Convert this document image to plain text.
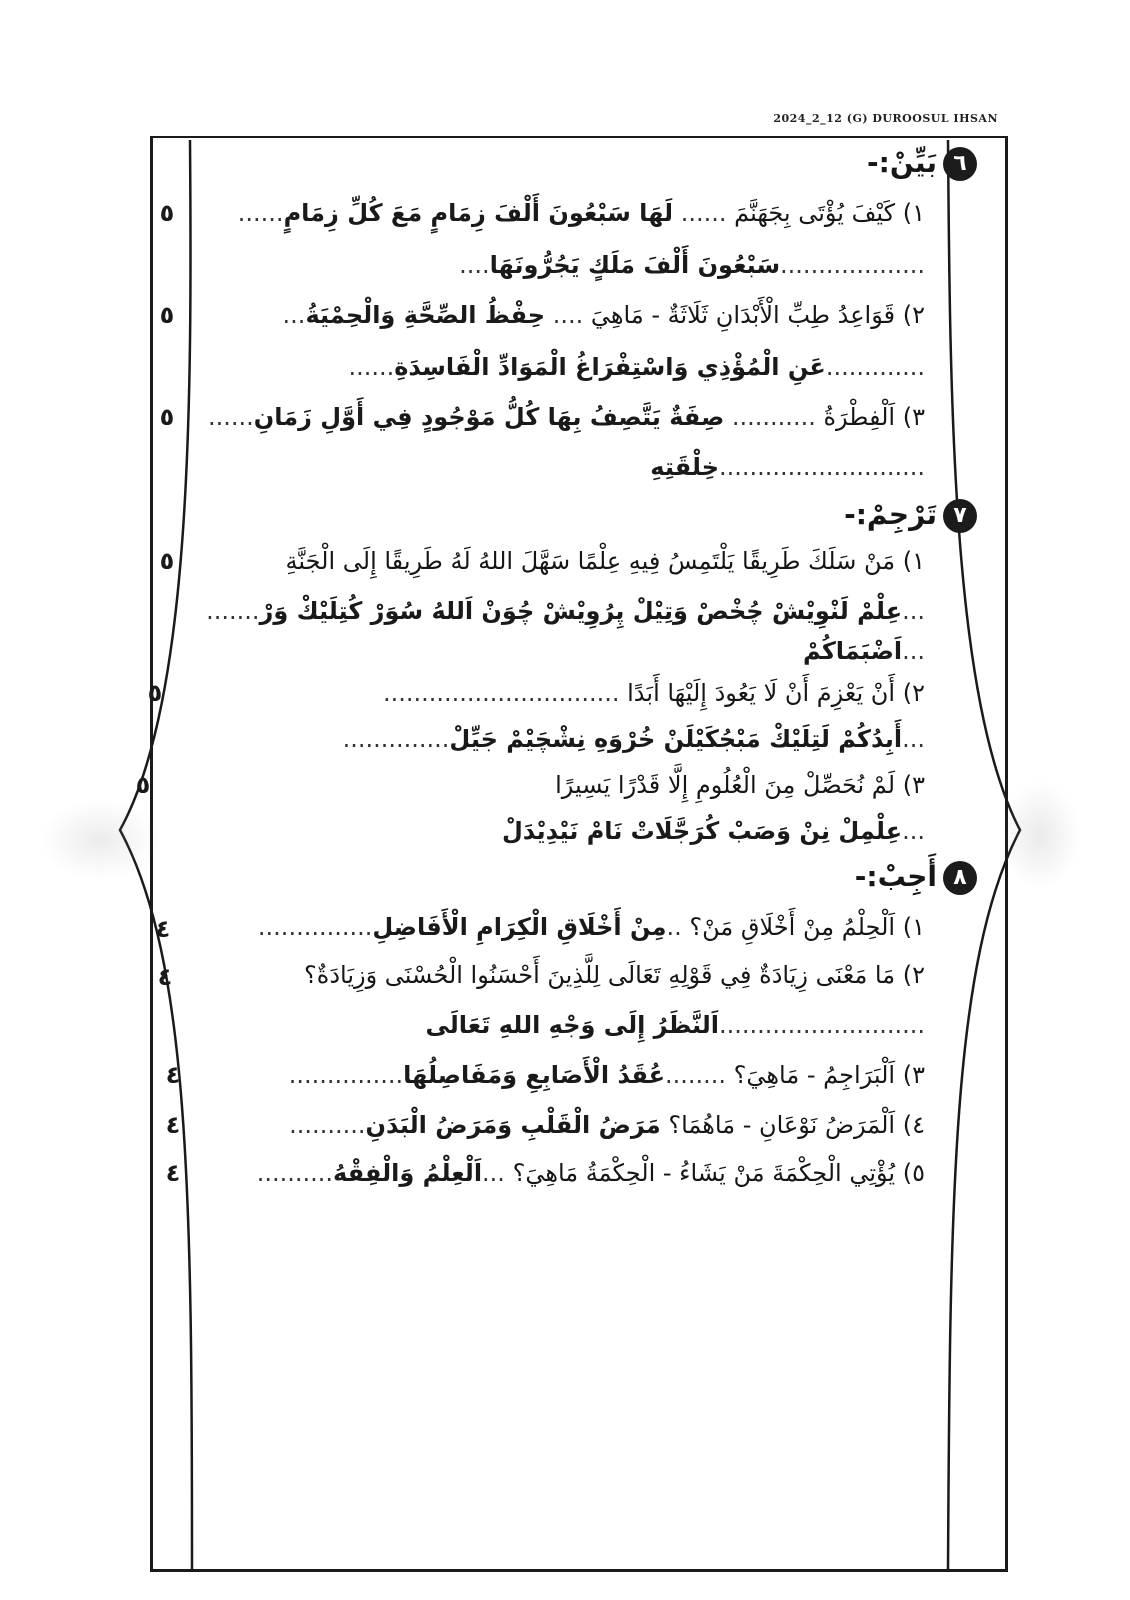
2024_2_12 (G) DUROOSUL IHSAN
٦بَيِّنْ:-
١) كَيْفَ يُؤْتَى بِجَهَنَّمَ ...... لَهَا سَبْعُونَ أَلْفَ زِمَامٍ مَعَ كُلِّ زِمَامٍ......
...................سَبْعُونَ أَلْفَ مَلَكٍ يَجُرُّونَهَا....
٢) قَوَاعِدُ طِبِّ الْأَبْدَانِ ثَلَاثَةٌ - مَاهِيَ .... حِفْظُ الصِّحَّةِ وَالْحِمْيَةُ...
.............عَنِ الْمُؤْذِي وَاسْتِفْرَاغُ الْمَوَادِّ الْفَاسِدَةِ......
٣) اَلْفِطْرَةُ ........... صِفَةٌ يَتَّصِفُ بِهَا كُلُّ مَوْجُودٍ فِي أَوَّلِ زَمَانِ......
...........................خِلْقَتِهِ
٧تَرْجِمْ:-
١) مَنْ سَلَكَ طَرِيقًا يَلْتَمِسُ فِيهِ عِلْمًا سَهَّلَ اللهُ لَهُ طَرِيقًا إِلَى الْجَنَّةِ
...عِلْمْ لَنْوِيْشْ چُخْصْ وَتِيْلْ پِرُوِيْشْ چُوَنْ اَللهُ سُوَرْ كُتِلَيْكْ وَرْ.......
...اَضْبَمَاكُمْ
٢) أَنْ يَعْزِمَ أَنْ لَا يَعُودَ إِلَيْهَا أَبَدًا ...............................
...أَبِدُكُمْ لَتِلَيْكْ مَبْجُكَيْلَنْ خُرْوَهِ نِشْچَيْمْ جَيِّلْ..............
٣) لَمْ نُحَصِّلْ مِنَ الْعُلُومِ إِلَّا قَدْرًا يَسِيرًا
...عِلْمِلْ نِنْ وَصَبْ كُرَجَّلَاتْ نَامْ نَيْدِيْدَلْ
٨أَجِبْ:-
١) اَلْحِلْمُ مِنْ أَخْلَاقِ مَنْ؟ ..مِنْ أَخْلَاقِ الْكِرَامِ الْأَفَاضِلِ...............
٢) مَا مَعْنَى زِيَادَةٌ فِي قَوْلِهِ تَعَالَى لِلَّذِينَ أَحْسَنُوا الْحُسْنَى وَزِيَادَةٌ؟
...........................اَلنَّظَرُ إِلَى وَجْهِ اللهِ تَعَالَى
٣) اَلْبَرَاجِمُ - مَاهِيَ؟ ........عُقَدُ الْأَصَابِعِ وَمَفَاصِلُهَا...............
٤) اَلْمَرَضُ نَوْعَانِ - مَاهُمَا؟ مَرَضُ الْقَلْبِ وَمَرَضُ الْبَدَنِ..........
٥) يُؤْتِي الْحِكْمَةَ مَنْ يَشَاءُ - الْحِكْمَةُ مَاهِيَ؟ ...اَلْعِلْمُ وَالْفِقْهُ..........
٥
٥
٥
٥
٥
٥
٤
٤
٤
٤
٤
